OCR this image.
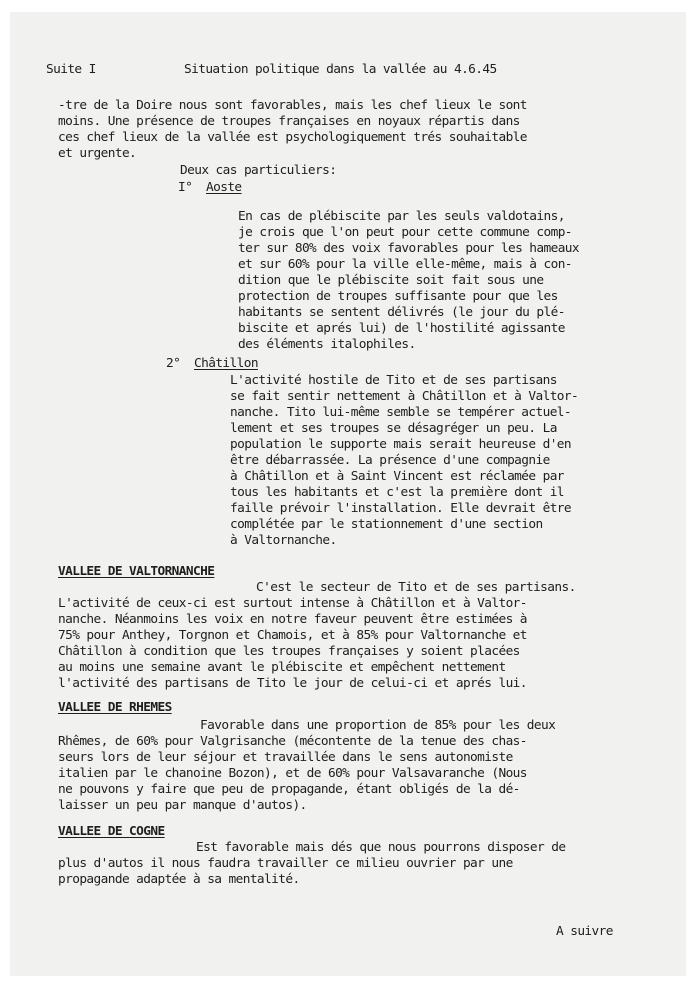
Suite I	Situation politique dans la vallée au 4.6.45
-tre de la Doire nous sont favorables, mais les chef lieux le sont
moins. Une présence de troupes françaises en noyaux répartis dans
ces chef lieux de la vallée est psychologiquement trés souhaitable
et urgente.
Deux cas particuliers:
I° Aoste
En cas de plébiscite par les seuls valdotains,
je crois que l'on peut pour cette commune comp-
ter sur 80% des voix favorables pour les hameaux
et sur 60% pour la ville elle-même, mais à con-
dition que le plébiscite soit fait sous une
protection de troupes suffisante pour que les
habitants se sentent délivrés (le jour du plé-
biscite et aprés lui) de l'hostilité agissante
des éléments italophiles.
2° Châtillon
L'activité hostile de Tito et de ses partisans
se fait sentir nettement à Châtillon et à Valtor-
nanche. Tito lui-même semble se tempérer actuel-
lement et ses troupes se désagréger un peu. La
population le supporte mais serait heureuse d'en
être débarrassée. La présence d'une compagnie
à Châtillon et à Saint Vincent est réclamée par
tous les habitants et c'est la première dont il
faille prévoir l'installation. Elle devrait être
complétée par le stationnement d'une section
à Valtornanche.
VALLEE DE VALTORNANCHE
C'est le secteur de Tito et de ses partisans.
L'activité de ceux-ci est surtout intense à Châtillon et à Valtor-
nanche. Néanmoins les voix en notre faveur peuvent être estimées à
75% pour Anthey, Torgnon et Chamois, et à 85% pour Valtornanche et
Châtillon à condition que les troupes françaises y soient placées
au moins une semaine avant le plébiscite et empêchent nettement
l'activité des partisans de Tito le jour de celui-ci et aprés lui.
VALLEE DE RHEMES
Favorable dans une proportion de 85% pour les deux
Rhêmes, de 60% pour Valgrisanche (mécontente de la tenue des chas-
seurs lors de leur séjour et travaillée dans le sens autonomiste
italien par le chanoine Bozon), et de 60% pour Valsavaranche (Nous
ne pouvons y faire que peu de propagande, étant obligés de la dé-
laisser un peu par manque d'autos).
VALLEE DE COGNE
Est favorable mais dés que nous pourrons disposer de
plus d'autos il nous faudra travailler ce milieu ouvrier par une
propagande adaptée à sa mentalité.
A suivre
